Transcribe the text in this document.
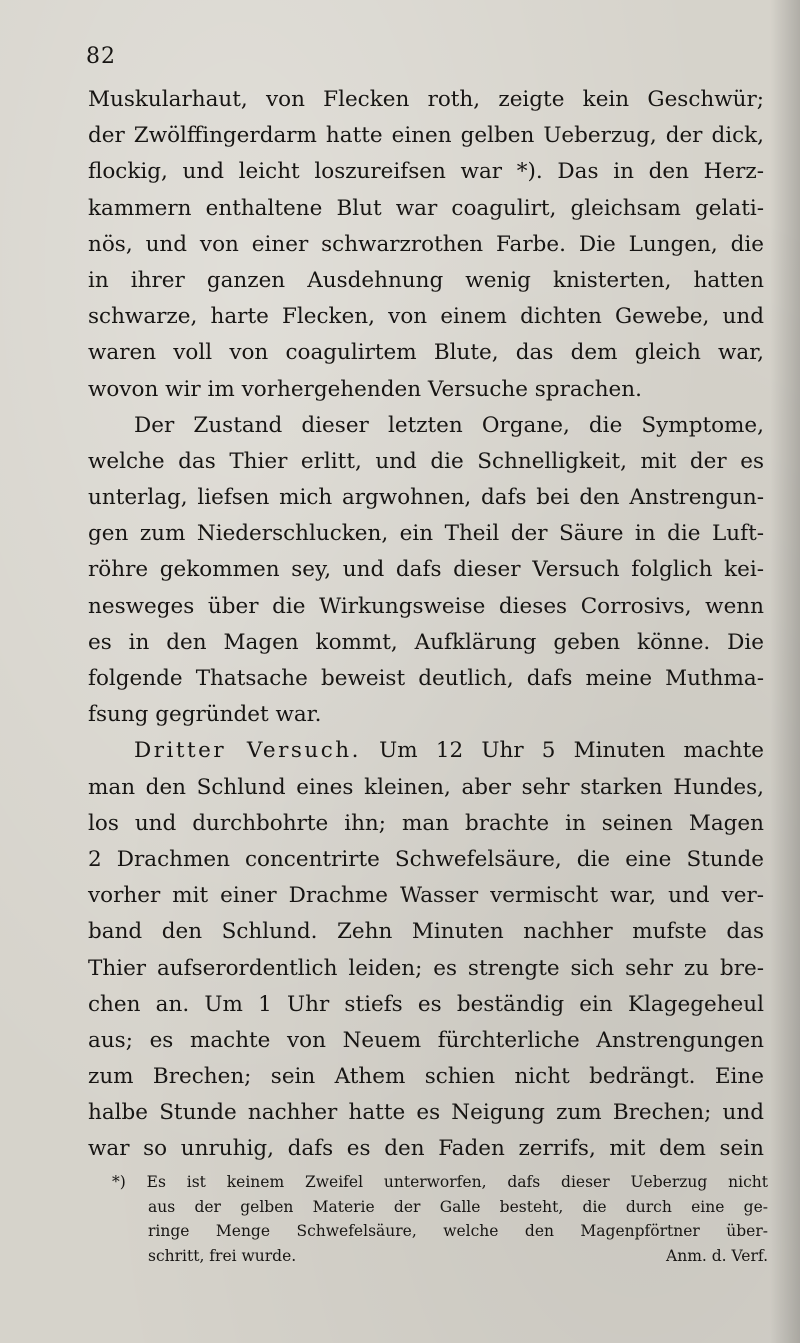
82
Muskularhaut, von Flecken roth, zeigte kein Geschwür;
der Zwölffingerdarm hatte einen gelben Ueberzug, der dick,
flockig, und leicht loszureifsen war *). Das in den Herz-
kammern enthaltene Blut war coagulirt, gleichsam gelati-
nös, und von einer schwarzrothen Farbe. Die Lungen, die
in ihrer ganzen Ausdehnung wenig knisterten, hatten
schwarze, harte Flecken, von einem dichten Gewebe, und
waren voll von coagulirtem Blute, das dem gleich war,
wovon wir im vorhergehenden Versuche sprachen.
Der Zustand dieser letzten Organe, die Symptome,
welche das Thier erlitt, und die Schnelligkeit, mit der es
unterlag, liefsen mich argwohnen, dafs bei den Anstrengun-
gen zum Niederschlucken, ein Theil der Säure in die Luft-
röhre gekommen sey, und dafs dieser Versuch folglich kei-
nesweges über die Wirkungsweise dieses Corrosivs, wenn
es in den Magen kommt, Aufklärung geben könne. Die
folgende Thatsache beweist deutlich, dafs meine Muthma-
fsung gegründet war.
Dritter Versuch. Um 12 Uhr 5 Minuten machte
man den Schlund eines kleinen, aber sehr starken Hundes,
los und durchbohrte ihn; man brachte in seinen Magen
2 Drachmen concentrirte Schwefelsäure, die eine Stunde
vorher mit einer Drachme Wasser vermischt war, und ver-
band den Schlund. Zehn Minuten nachher mufste das
Thier aufserordentlich leiden; es strengte sich sehr zu bre-
chen an. Um 1 Uhr stiefs es beständig ein Klagegeheul
aus; es machte von Neuem fürchterliche Anstrengungen
zum Brechen; sein Athem schien nicht bedrängt. Eine
halbe Stunde nachher hatte es Neigung zum Brechen; und
war so unruhig, dafs es den Faden zerrifs, mit dem sein
*) Es ist keinem Zweifel unterworfen, dafs dieser Ueberzug nicht
aus der gelben Materie der Galle besteht, die durch eine ge-
ringe Menge Schwefelsäure, welche den Magenpförtner über-
schritt, frei wurde.	Anm. d. Verf.
